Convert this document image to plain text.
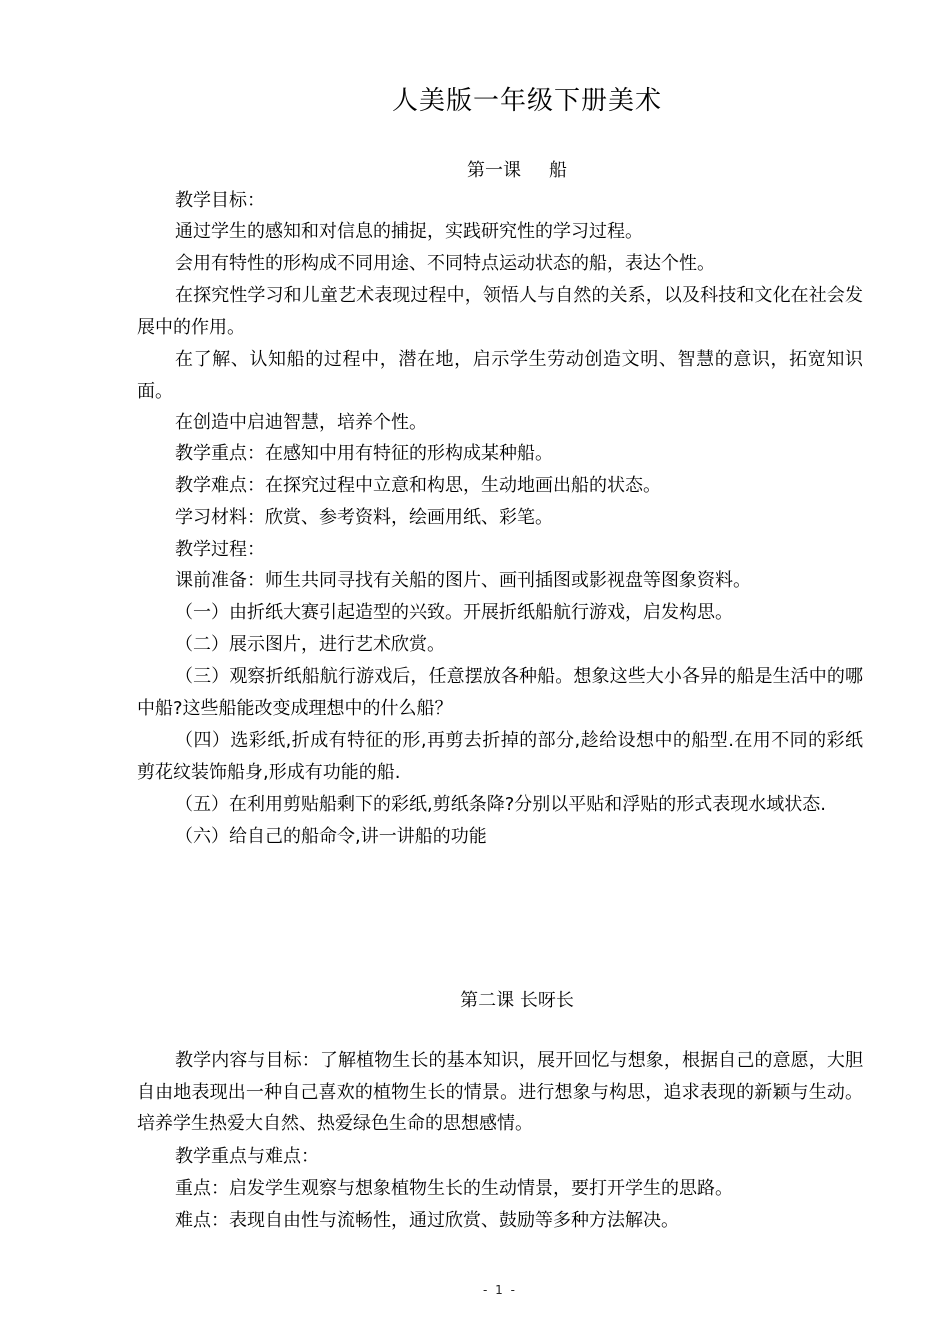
人美版一年级下册美术
第一课 船
教学目标：
通过学生的感知和对信息的捕捉，实践研究性的学习过程。
会用有特性的形构成不同用途、不同特点运动状态的船，表达个性。
在探究性学习和儿童艺术表现过程中，领悟人与自然的关系，以及科技和文化在社会发展中的作用。
在了解、认知船的过程中，潜在地，启示学生劳动创造文明、智慧的意识，拓宽知识面。
在创造中启迪智慧，培养个性。
教学重点：在感知中用有特征的形构成某种船。
教学难点：在探究过程中立意和构思，生动地画出船的状态。
学习材料：欣赏、参考资料，绘画用纸、彩笔。
教学过程：
课前准备：师生共同寻找有关船的图片、画刊插图或影视盘等图象资料。
（一）由折纸大赛引起造型的兴致。开展折纸船航行游戏，启发构思。
（二）展示图片，进行艺术欣赏。
（三）观察折纸船航行游戏后，任意摆放各种船。想象这些大小各异的船是生活中的哪中船?这些船能改变成理想中的什么船？
（四）选彩纸,折成有特征的形,再剪去折掉的部分,趁给设想中的船型.在用不同的彩纸剪花纹装饰船身,形成有功能的船.
（五）在利用剪贴船剩下的彩纸,剪纸条降?分别以平贴和浮贴的形式表现水域状态.
（六）给自己的船命令,讲一讲船的功能
第二课 长呀长
教学内容与目标：了解植物生长的基本知识，展开回忆与想象，根据自己的意愿，大胆自由地表现出一种自己喜欢的植物生长的情景。进行想象与构思，追求表现的新颖与生动。培养学生热爱大自然、热爱绿色生命的思想感情。
教学重点与难点：
重点：启发学生观察与想象植物生长的生动情景，要打开学生的思路。
难点：表现自由性与流畅性，通过欣赏、鼓励等多种方法解决。
- 1 -
